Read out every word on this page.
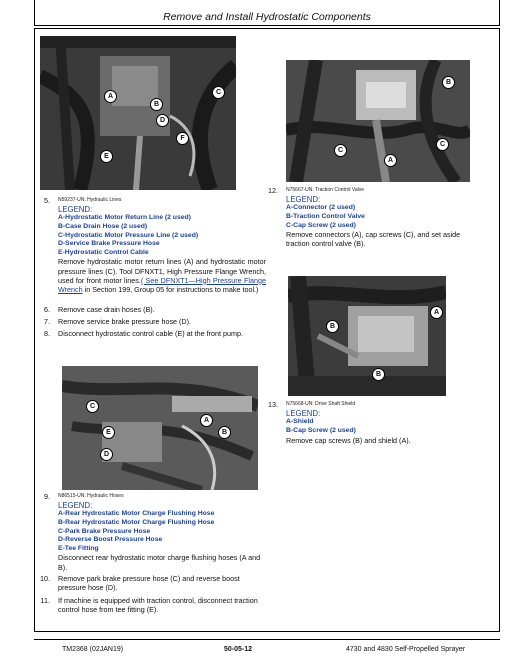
Remove and Install Hydrostatic Components
A
B
C
D
E
F
5. N59237-UN: Hydraulic Lines
LEGEND:
A-Hydrostatic Motor Return Line (2 used)
B-Case Drain Hose (2 used)
C-Hydrostatic Motor Pressure Line (2 used)
D-Service Brake Pressure Hose
E-Hydrostatic Control Cable
Remove hydrostatic motor return lines (A) and hydrostatic motor pressure lines (C). Tool DFNXT1, High Pressure Flange Wrench, used for front motor lines.( See DFNXT1—High Pressure Flange Wrench in Section 199, Group 05 for instructions to make tool.)
6. Remove case drain hoses (B).
7. Remove service brake pressure hose (D).
8. Disconnect hydrostatic control cable (E) at the front pump.
A
B
C
D
E
9. N86515-UN: Hydraulic Hoses
LEGEND:
A-Rear Hydrostatic Motor Charge Flushing Hose
B-Rear Hydrostatic Motor Charge Flushing Hose
C-Park Brake Pressure Hose
D-Reverse Boost Pressure Hose
E-Tee Fitting
Disconnect rear hydrostatic motor charge flushing hoses (A and B).
10. Remove park brake pressure hose (C) and reverse boost pressure hose (D).
11. If machine is equipped with traction control, disconnect traction control hose from tee fitting (E).
B
C
C
A
12. N75667-UN: Traction Control Valve
LEGEND:
A-Connector (2 used)
B-Traction Control Valve
C-Cap Screw (2 used)
Remove connectors (A), cap screws (C), and set aside traction control valve (B).
A
B
B
13. N75668-UN: Drive Shaft Shield
LEGEND:
A-Shield
B-Cap Screw (2 used)
Remove cap screws (B) and shield (A).
TM2368 (02JAN19)	50-05-12	4730 and 4830 Self-Propelled Sprayer
